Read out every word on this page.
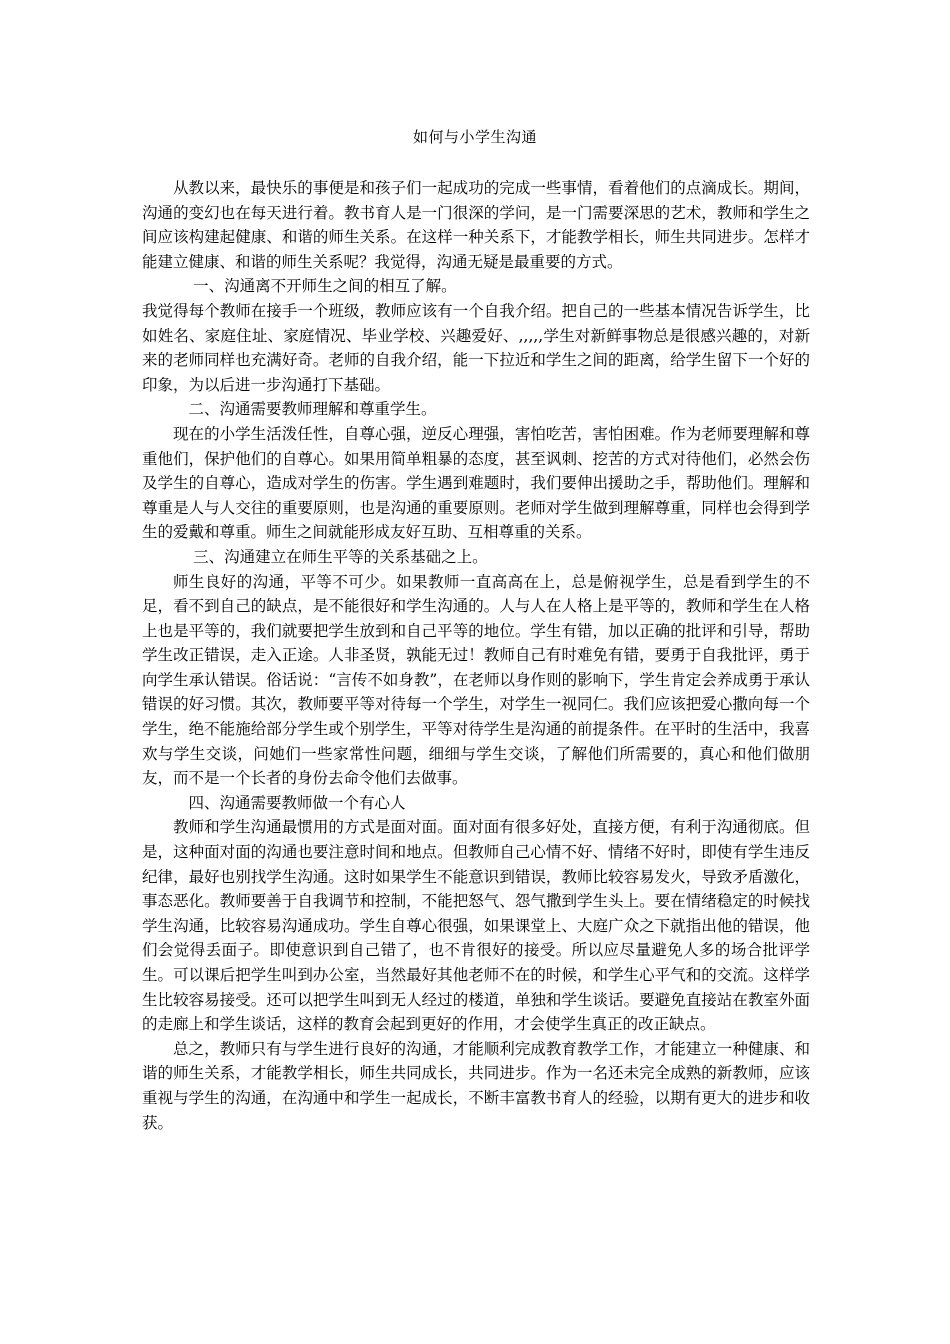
如何与小学生沟通

从教以来，最快乐的事便是和孩子们一起成功的完成一些事情，看着他们的点滴成长。期间，沟通的变幻也在每天进行着。教书育人是一门很深的学问，是一门需要深思的艺术，教师和学生之间应该构建起健康、和谐的师生关系。在这样一种关系下，才能教学相长，师生共同进步。怎样才能建立健康、和谐的师生关系呢？我觉得，沟通无疑是最重要的方式。

一、沟通离不开师生之间的相互了解。

我觉得每个教师在接手一个班级，教师应该有一个自我介绍。把自己的一些基本情况告诉学生，比如姓名、家庭住址、家庭情况、毕业学校、兴趣爱好、,,,,,学生对新鲜事物总是很感兴趣的，对新来的老师同样也充满好奇。老师的自我介绍，能一下拉近和学生之间的距离，给学生留下一个好的印象，为以后进一步沟通打下基础。

二、沟通需要教师理解和尊重学生。

现在的小学生活泼任性，自尊心强，逆反心理强，害怕吃苦，害怕困难。作为老师要理解和尊重他们，保护他们的自尊心。如果用简单粗暴的态度，甚至讽刺、挖苦的方式对待他们，必然会伤及学生的自尊心，造成对学生的伤害。学生遇到难题时，我们要伸出援助之手，帮助他们。理解和尊重是人与人交往的重要原则，也是沟通的重要原则。老师对学生做到理解尊重，同样也会得到学生的爱戴和尊重。师生之间就能形成友好互助、互相尊重的关系。

三、沟通建立在师生平等的关系基础之上。

师生良好的沟通，平等不可少。如果教师一直高高在上，总是俯视学生，总是看到学生的不足，看不到自己的缺点，是不能很好和学生沟通的。人与人在人格上是平等的，教师和学生在人格上也是平等的，我们就要把学生放到和自己平等的地位。学生有错，加以正确的批评和引导，帮助学生改正错误，走入正途。人非圣贤，孰能无过！教师自己有时难免有错，要勇于自我批评，勇于向学生承认错误。俗话说：“言传不如身教”，在老师以身作则的影响下，学生肯定会养成勇于承认错误的好习惯。其次，教师要平等对待每一个学生，对学生一视同仁。我们应该把爱心撒向每一个学生，绝不能施给部分学生或个别学生，平等对待学生是沟通的前提条件。在平时的生活中，我喜欢与学生交谈，问她们一些家常性问题，细细与学生交谈，了解他们所需要的，真心和他们做朋友，而不是一个长者的身份去命令他们去做事。

四、沟通需要教师做一个有心人

教师和学生沟通最惯用的方式是面对面。面对面有很多好处，直接方便，有利于沟通彻底。但是，这种面对面的沟通也要注意时间和地点。但教师自己心情不好、情绪不好时，即使有学生违反纪律，最好也别找学生沟通。这时如果学生不能意识到错误，教师比较容易发火，导致矛盾激化，事态恶化。教师要善于自我调节和控制，不能把怒气、怨气撒到学生头上。要在情绪稳定的时候找学生沟通，比较容易沟通成功。学生自尊心很强，如果课堂上、大庭广众之下就指出他的错误，他们会觉得丢面子。即使意识到自己错了，也不肯很好的接受。所以应尽量避免人多的场合批评学生。可以课后把学生叫到办公室，当然最好其他老师不在的时候，和学生心平气和的交流。这样学生比较容易接受。还可以把学生叫到无人经过的楼道，单独和学生谈话。要避免直接站在教室外面的走廊上和学生谈话，这样的教育会起到更好的作用，才会使学生真正的改正缺点。

总之，教师只有与学生进行良好的沟通，才能顺利完成教育教学工作，才能建立一种健康、和谐的师生关系，才能教学相长，师生共同成长，共同进步。作为一名还未完全成熟的新教师，应该重视与学生的沟通，在沟通中和学生一起成长，不断丰富教书育人的经验，以期有更大的进步和收获。
